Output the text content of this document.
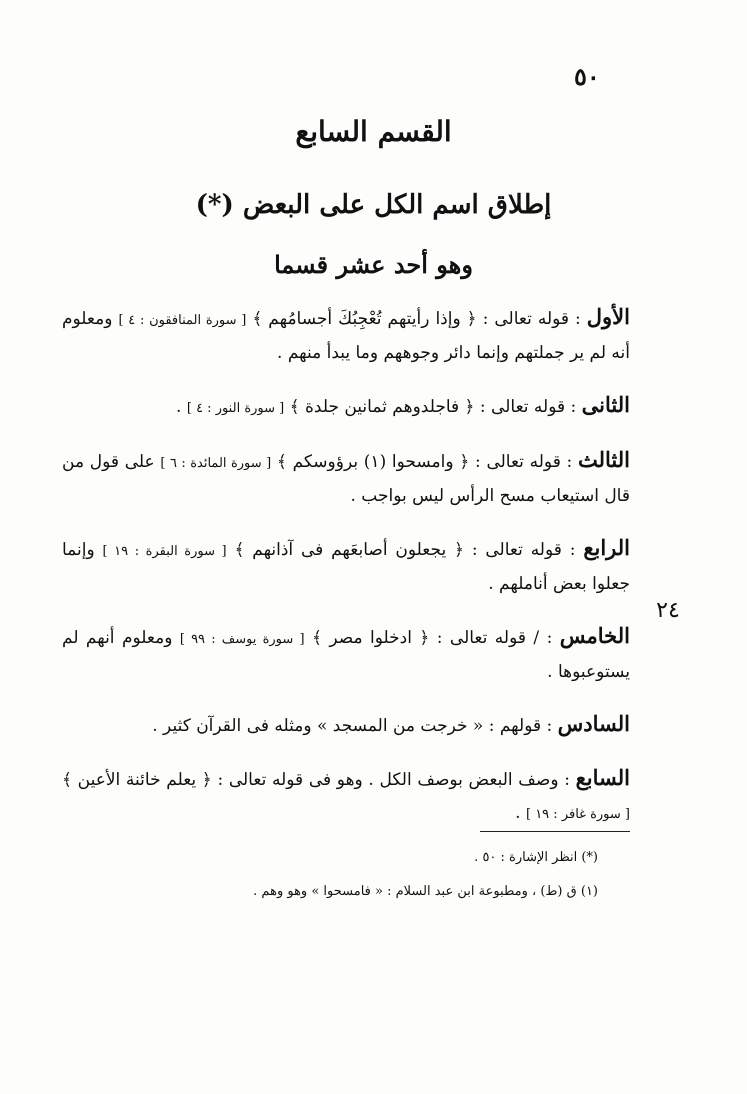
٥٠
القسم السابع
إطلاق اسم الكل على البعض (*)
وهو أحد عشر قسما
٢٤

الأول : قوله تعالى : ﴿ وإذا رأيتهم تُعْجِبُكَ أجسامُهم ﴾ [ سورة المنافقون : ٤ ] ومعلوم أنه لم ير جملتهم وإنما دائر وجوههم وما يبدأ منهم .

الثانى : قوله تعالى : ﴿ فاجلدوهم ثمانين جلدة ﴾ [ سورة النور : ٤ ] .

الثالث : قوله تعالى : ﴿ وامسحوا (١) برؤوسكم ﴾ [ سورة المائدة : ٦ ] على قول من قال استيعاب مسح الرأس ليس بواجب .

الرابع : قوله تعالى : ﴿ يجعلون أصابعَهم فى آذانهم ﴾ [ سورة البقرة : ١٩ ] وإنما جعلوا بعض أناملهم .

الخامس : / قوله تعالى : ﴿ ادخلوا مصر ﴾ [ سورة يوسف : ٩٩ ] ومعلوم أنهم لم يستوعبوها .

السادس : قولهم : « خرجت من المسجد » ومثله فى القرآن كثير .

السابع : وصف البعض بوصف الكل . وهو فى قوله تعالى : ﴿ يعلم خائنة الأعين ﴾ [ سورة غافر : ١٩ ] .

(*) انظر الإشارة : ٥٠ .

(١) ق (ط) ، ومطبوعة ابن عبد السلام : « فامسحوا » وهو وهم .
